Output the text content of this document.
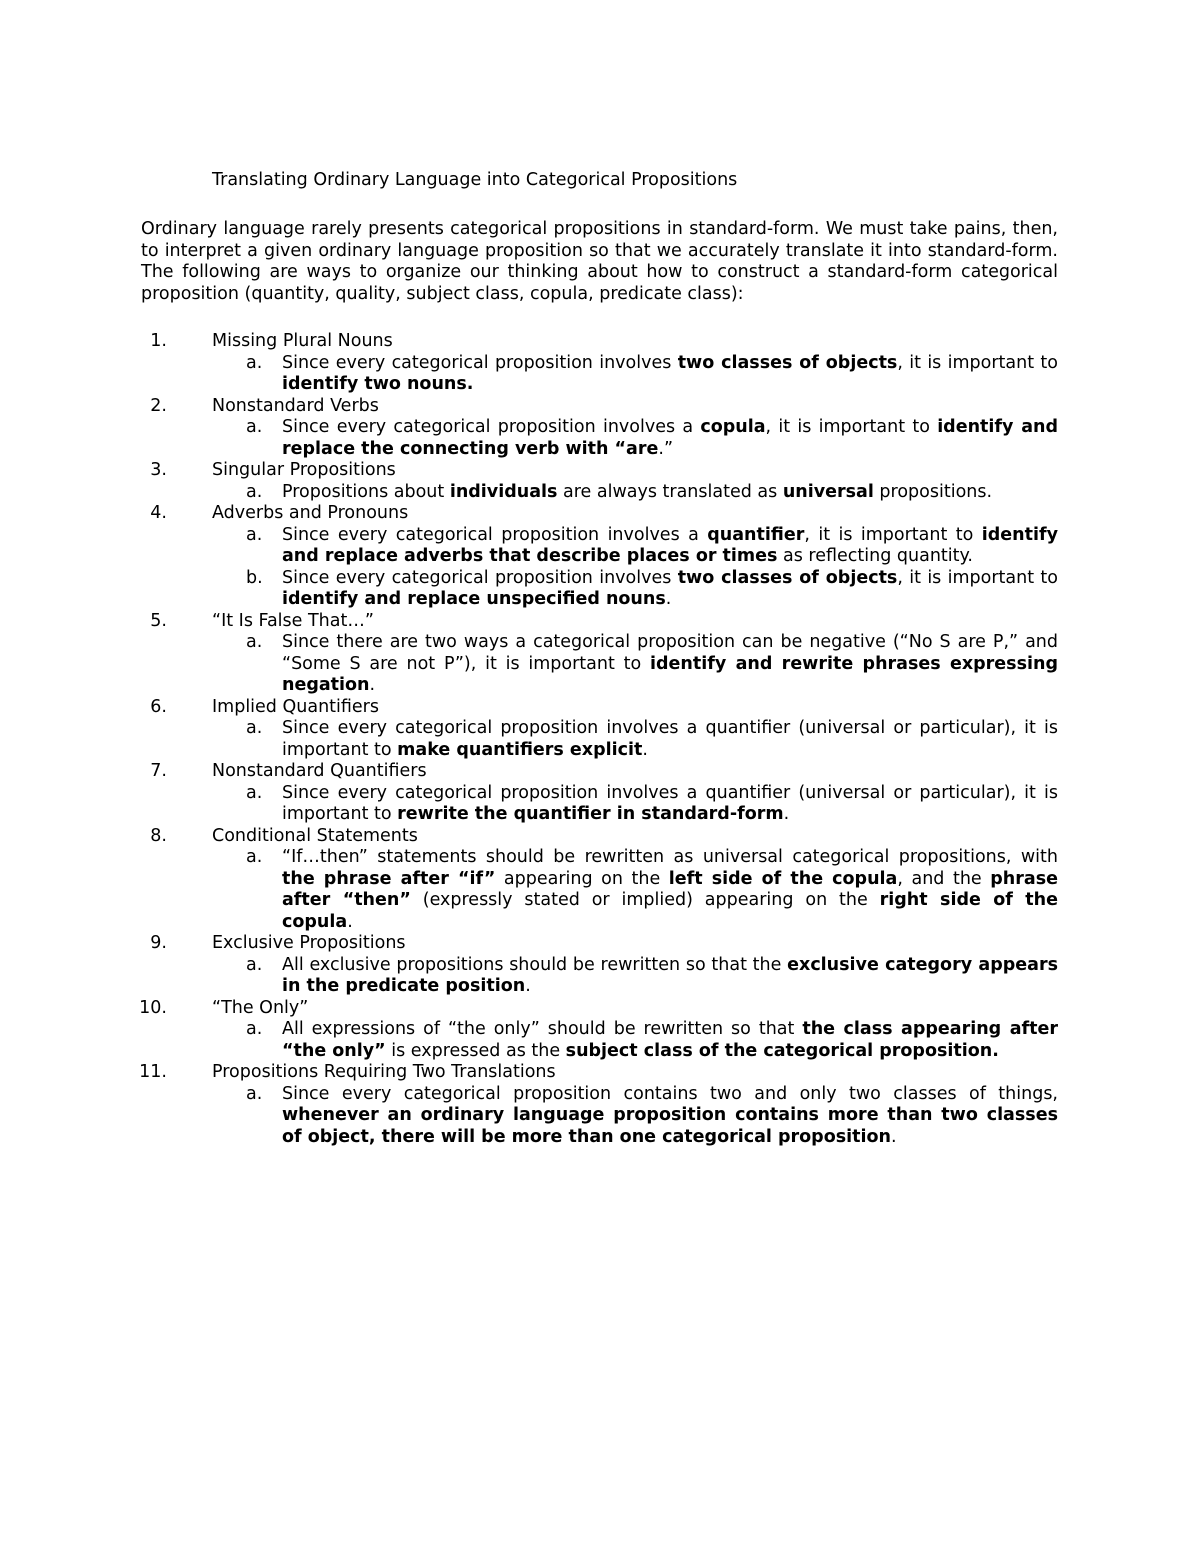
Translating Ordinary Language into Categorical Propositions
Ordinary language rarely presents categorical propositions in standard-form. We must take pains, then, to interpret a given ordinary language proposition so that we accurately translate it into standard-form. The following are ways to organize our thinking about how to construct a standard-form categorical proposition (quantity, quality, subject class, copula, predicate class):
1.	Missing Plural Nouns
a. Since every categorical proposition involves two classes of objects, it is important to identify two nouns.
2.	Nonstandard Verbs
a. Since every categorical proposition involves a copula, it is important to identify and replace the connecting verb with “are.”
3.	Singular Propositions
a. Propositions about individuals are always translated as universal propositions.
4.	Adverbs and Pronouns
a. Since every categorical proposition involves a quantifier, it is important to identify and replace adverbs that describe places or times as reflecting quantity.
b. Since every categorical proposition involves two classes of objects, it is important to identify and replace unspecified nouns.
5.	“It Is False That…”
a. Since there are two ways a categorical proposition can be negative (“No S are P,” and “Some S are not P”), it is important to identify and rewrite phrases expressing negation.
6.	Implied Quantifiers
a. Since every categorical proposition involves a quantifier (universal or particular), it is important to make quantifiers explicit.
7.	Nonstandard Quantifiers
a. Since every categorical proposition involves a quantifier (universal or particular), it is important to rewrite the quantifier in standard-form.
8.	Conditional Statements
a. “If…then” statements should be rewritten as universal categorical propositions, with the phrase after “if” appearing on the left side of the copula, and the phrase after “then” (expressly stated or implied) appearing on the right side of the copula.
9.	Exclusive Propositions
a. All exclusive propositions should be rewritten so that the exclusive category appears in the predicate position.
10.	“The Only”
a. All expressions of “the only” should be rewritten so that the class appearing after “the only” is expressed as the subject class of the categorical proposition.
11.	Propositions Requiring Two Translations
a. Since every categorical proposition contains two and only two classes of things, whenever an ordinary language proposition contains more than two classes of object, there will be more than one categorical proposition.
